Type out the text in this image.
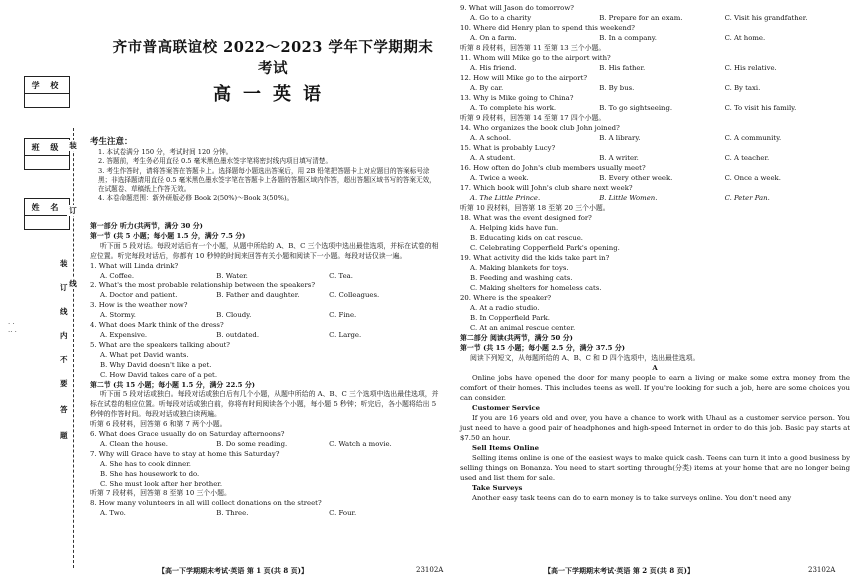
学 校
班 级
姓 名
装
订
线
装
订
线
内
不
要
答
题
齐市普高联谊校 2022～2023 学年下学期期末考试
高一英语
考生注意：
1. 本试卷满分 150 分，考试时间 120 分钟。
2. 答题前，考生务必用直径 0.5 毫米黑色墨水签字笔将密封线内项目填写清楚。
3. 考生作答时，请将答案答在答题卡上。选择题每小题选出答案后，用 2B 铅笔把答题卡上对应题目的答案标号涂黑；非选择题请用直径 0.5 毫米黑色墨水签字笔在答题卡上各题的答题区域内作答，超出答题区域书写的答案无效，在试题卷、草稿纸上作答无效。
4. 本卷命题范围：新外研版必修 Book 2(50%)～Book 3(50%)。
第一部分 听力(共两节，满分 30 分)
第一节 (共 5 小题；每小题 1.5 分，满分 7.5 分)
听下面 5 段对话。每段对话后有一个小题，从题中所给的 A、B、C 三个选项中选出最佳选项，并标在试卷的相应位置。听完每段对话后，你都有 10 秒钟的时间来回答有关小题和阅读下一小题。每段对话仅读一遍。
1. What will Linda drink?
A. Coffee.	B. Water.	C. Tea.
2. What's the most probable relationship between the speakers?
A. Doctor and patient.	B. Father and daughter.	C. Colleagues.
3. How is the weather now?
A. Stormy.	B. Cloudy.	C. Fine.
4. What does Mark think of the dress?
A. Expensive.	B. outdated.	C. Large.
5. What are the speakers talking about?
A. What pet David wants.
B. Why David doesn't like a pet.
C. How David takes care of a pet.
第二节 (共 15 小题；每小题 1.5 分，满分 22.5 分)
听下面 5 段对话或独白。每段对话或独白后有几个小题，从题中所给的 A、B、C 三个选项中选出最佳选项，并标在试卷的相应位置。听每段对话或独白前，你将有时间阅读各个小题，每小题 5 秒钟；听完后，各小题将给出 5 秒钟的作答时间。每段对话或独白读两遍。
听第 6 段材料，回答第 6 和第 7 两个小题。
6. What does Grace usually do on Saturday afternoons?
A. Clean the house.	B. Do some reading.	C. Watch a movie.
7. Why will Grace have to stay at home this Saturday?
A. She has to cook dinner.
B. She has housework to do.
C. She must look after her brother.
听第 7 段材料，回答第 8 至第 10 三个小题。
8. How many volunteers in all will collect donations on the street?
A. Two.	B. Three.	C. Four.
【高一下学期期末考试·英语 第 1 页(共 8 页)】	23102A
9. What will Jason do tomorrow?
A. Go to a charity	B. Prepare for an exam.	C. Visit his grandfather.
10. Where did Henry plan to spend this weekend?
A. On a farm.	B. In a company.	C. At home.
听第 8 段材料，回答第 11 至第 13 三个小题。
11. Whom will Mike go to the airport with?
A. His friend.	B. His father.	C. His relative.
12. How will Mike go to the airport?
A. By car.	B. By bus.	C. By taxi.
13. Why is Mike going to China?
A. To complete his work.	B. To go sightseeing.	C. To visit his family.
听第 9 段材料，回答第 14 至第 17 四个小题。
14. Who organizes the book club John joined?
A. A school.	B. A library.	C. A community.
15. What is probably Lucy?
A. A student.	B. A writer.	C. A teacher.
16. How often do John's club members usually meet?
A. Twice a week.	B. Every other week.	C. Once a week.
17. Which book will John's club share next week?
A. The Little Prince.	B. Little Women.	C. Peter Pan.
听第 10 段材料，回答第 18 至第 20 三个小题。
18. What was the event designed for?
A. Helping kids have fun.
B. Educating kids on cat rescue.
C. Celebrating Copperfield Park's opening.
19. What activity did the kids take part in?
A. Making blankets for toys.
B. Feeding and washing cats.
C. Making shelters for homeless cats.
20. Where is the speaker?
A. At a radio studio.
B. In Copperfield Park.
C. At an animal rescue center.
第二部分 阅读(共两节，满分 50 分)
第一节 (共 15 小题；每小题 2.5 分，满分 37.5 分)
阅读下列短文，从每题所给的 A、B、C 和 D 四个选项中，选出最佳选项。
A
Online jobs have opened the door for many people to earn a living or make some extra money from the comfort of their homes. This includes teens as well. If you're looking for such a job, here are some choices you can consider.
Customer Service
If you are 16 years old and over, you have a chance to work with Uhaul as a customer service person. You just need to have a good pair of headphones and high-speed Internet in order to do this job. Basic pay starts at $7.50 an hour.
Sell Items Online
Selling items online is one of the easiest ways to make quick cash. Teens can turn it into a good business by selling things on Bonanza. You need to start sorting through(分类) items at your home that are no longer being used and list them for sale.
Take Surveys
Another easy task teens can do to earn money is to take surveys online. You don't need any
【高一下学期期末考试·英语 第 2 页(共 8 页)】	23102A
· ·
·· ·
